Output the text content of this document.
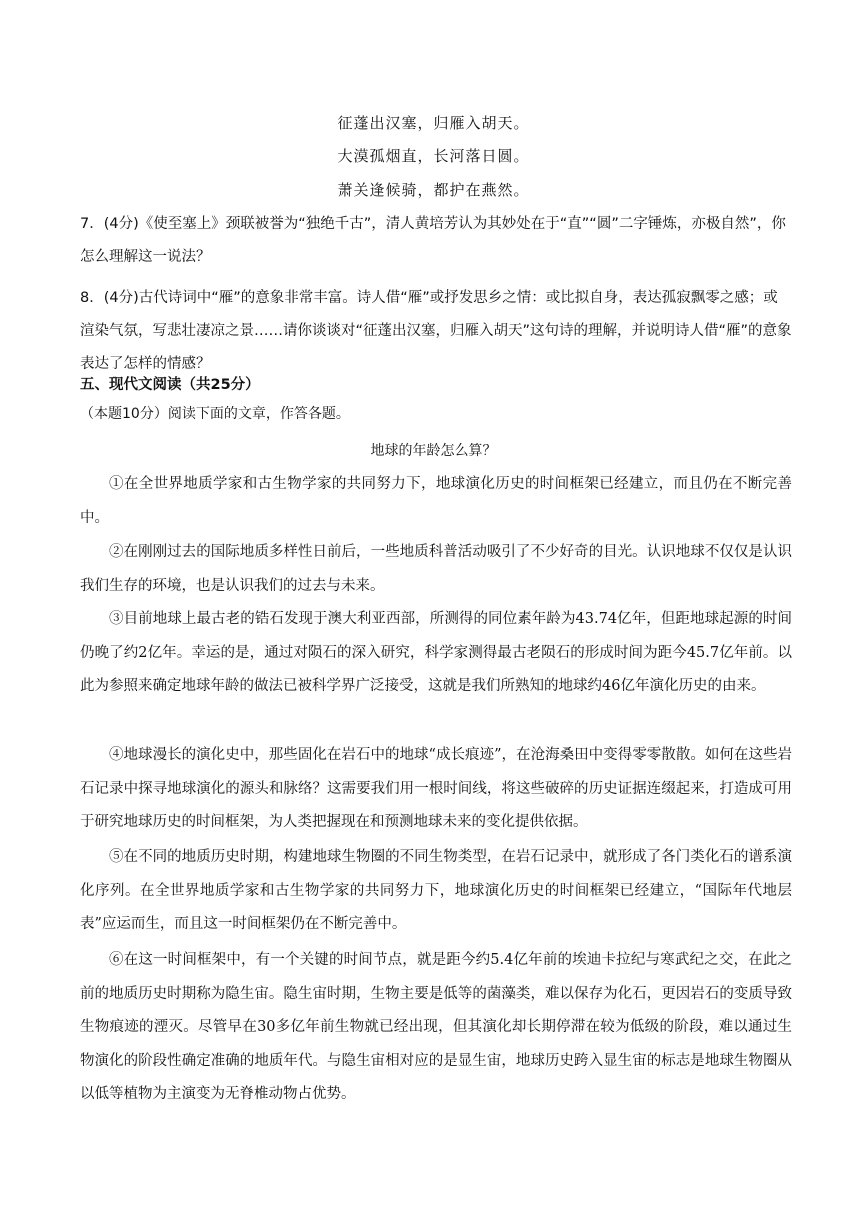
征蓬出汉塞，归雁入胡天。
大漠孤烟直，长河落日圆。
萧关逢候骑，都护在燕然。
7．(4分)《使至塞上》颈联被誉为“独绝千古”，清人黄培芳认为其妙处在于“直”“圆”二字锤炼，亦极自然”，你怎么理解这一说法？
8．(4分)古代诗词中“雁”的意象非常丰富。诗人借“雁”或抒发思乡之情：或比拟自身，表达孤寂飘零之感；或渲染气氛，写悲壮凄凉之景……请你谈谈对“征蓬出汉塞，归雁入胡天”这句诗的理解，并说明诗人借“雁”的意象表达了怎样的情感？
五、现代文阅读（共25分）
（本题10分）阅读下面的文章，作答各题。
地球的年龄怎么算？
①在全世界地质学家和古生物学家的共同努力下，地球演化历史的时间框架已经建立，而且仍在不断完善中。
②在刚刚过去的国际地质多样性日前后，一些地质科普活动吸引了不少好奇的目光。认识地球不仅仅是认识我们生存的环境，也是认识我们的过去与未来。
③目前地球上最古老的锆石发现于澳大利亚西部，所测得的同位素年龄为43.74亿年，但距地球起源的时间仍晚了约2亿年。幸运的是，通过对陨石的深入研究，科学家测得最古老陨石的形成时间为距今45.7亿年前。以此为参照来确定地球年龄的做法已被科学界广泛接受，这就是我们所熟知的地球约46亿年演化历史的由来。
④地球漫长的演化史中，那些固化在岩石中的地球“成长痕迹”，在沧海桑田中变得零零散散。如何在这些岩石记录中探寻地球演化的源头和脉络？这需要我们用一根时间线，将这些破碎的历史证据连缀起来，打造成可用于研究地球历史的时间框架，为人类把握现在和预测地球未来的变化提供依据。
⑤在不同的地质历史时期，构建地球生物圈的不同生物类型，在岩石记录中，就形成了各门类化石的谱系演化序列。在全世界地质学家和古生物学家的共同努力下，地球演化历史的时间框架已经建立，“国际年代地层表”应运而生，而且这一时间框架仍在不断完善中。
⑥在这一时间框架中，有一个关键的时间节点，就是距今约5.4亿年前的埃迪卡拉纪与寒武纪之交，在此之前的地质历史时期称为隐生宙。隐生宙时期，生物主要是低等的菌藻类，难以保存为化石，更因岩石的变质导致生物痕迹的湮灭。尽管早在30多亿年前生物就已经出现，但其演化却长期停滞在较为低级的阶段，难以通过生物演化的阶段性确定准确的地质年代。与隐生宙相对应的是显生宙，地球历史跨入显生宙的标志是地球生物圈从以低等植物为主演变为无脊椎动物占优势。
